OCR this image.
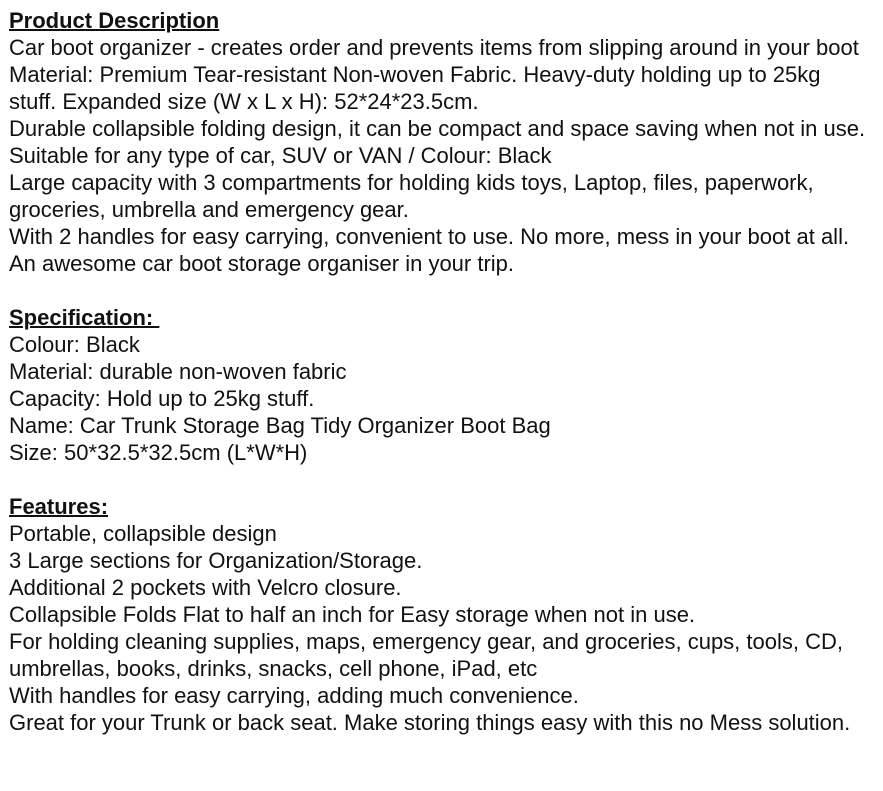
Product Description

Car boot organizer - creates order and prevents items from slipping around in your boot

Material: Premium Tear-resistant Non-woven Fabric. Heavy-duty holding up to 25kg stuff. Expanded size (W x L x H): 52*24*23.5cm.

Durable collapsible folding design, it can be compact and space saving when not in use. Suitable for any type of car, SUV or VAN / Colour: Black

Large capacity with 3 compartments for holding kids toys, Laptop, files, paperwork, groceries, umbrella and emergency gear.

With 2 handles for easy carrying, convenient to use. No more, mess in your boot at all. An awesome car boot storage organiser in your trip.

Specification:

Colour: Black

Material: durable non-woven fabric

Capacity: Hold up to 25kg stuff.

Name: Car Trunk Storage Bag Tidy Organizer Boot Bag

Size: 50*32.5*32.5cm (L*W*H)

Features:

Portable, collapsible design

3 Large sections for Organization/Storage.

Additional 2 pockets with Velcro closure.

Collapsible Folds Flat to half an inch for Easy storage when not in use.

For holding cleaning supplies, maps, emergency gear, and groceries, cups, tools, CD, umbrellas, books, drinks, snacks, cell phone, iPad, etc

With handles for easy carrying, adding much convenience.

Great for your Trunk or back seat. Make storing things easy with this no Mess solution.
